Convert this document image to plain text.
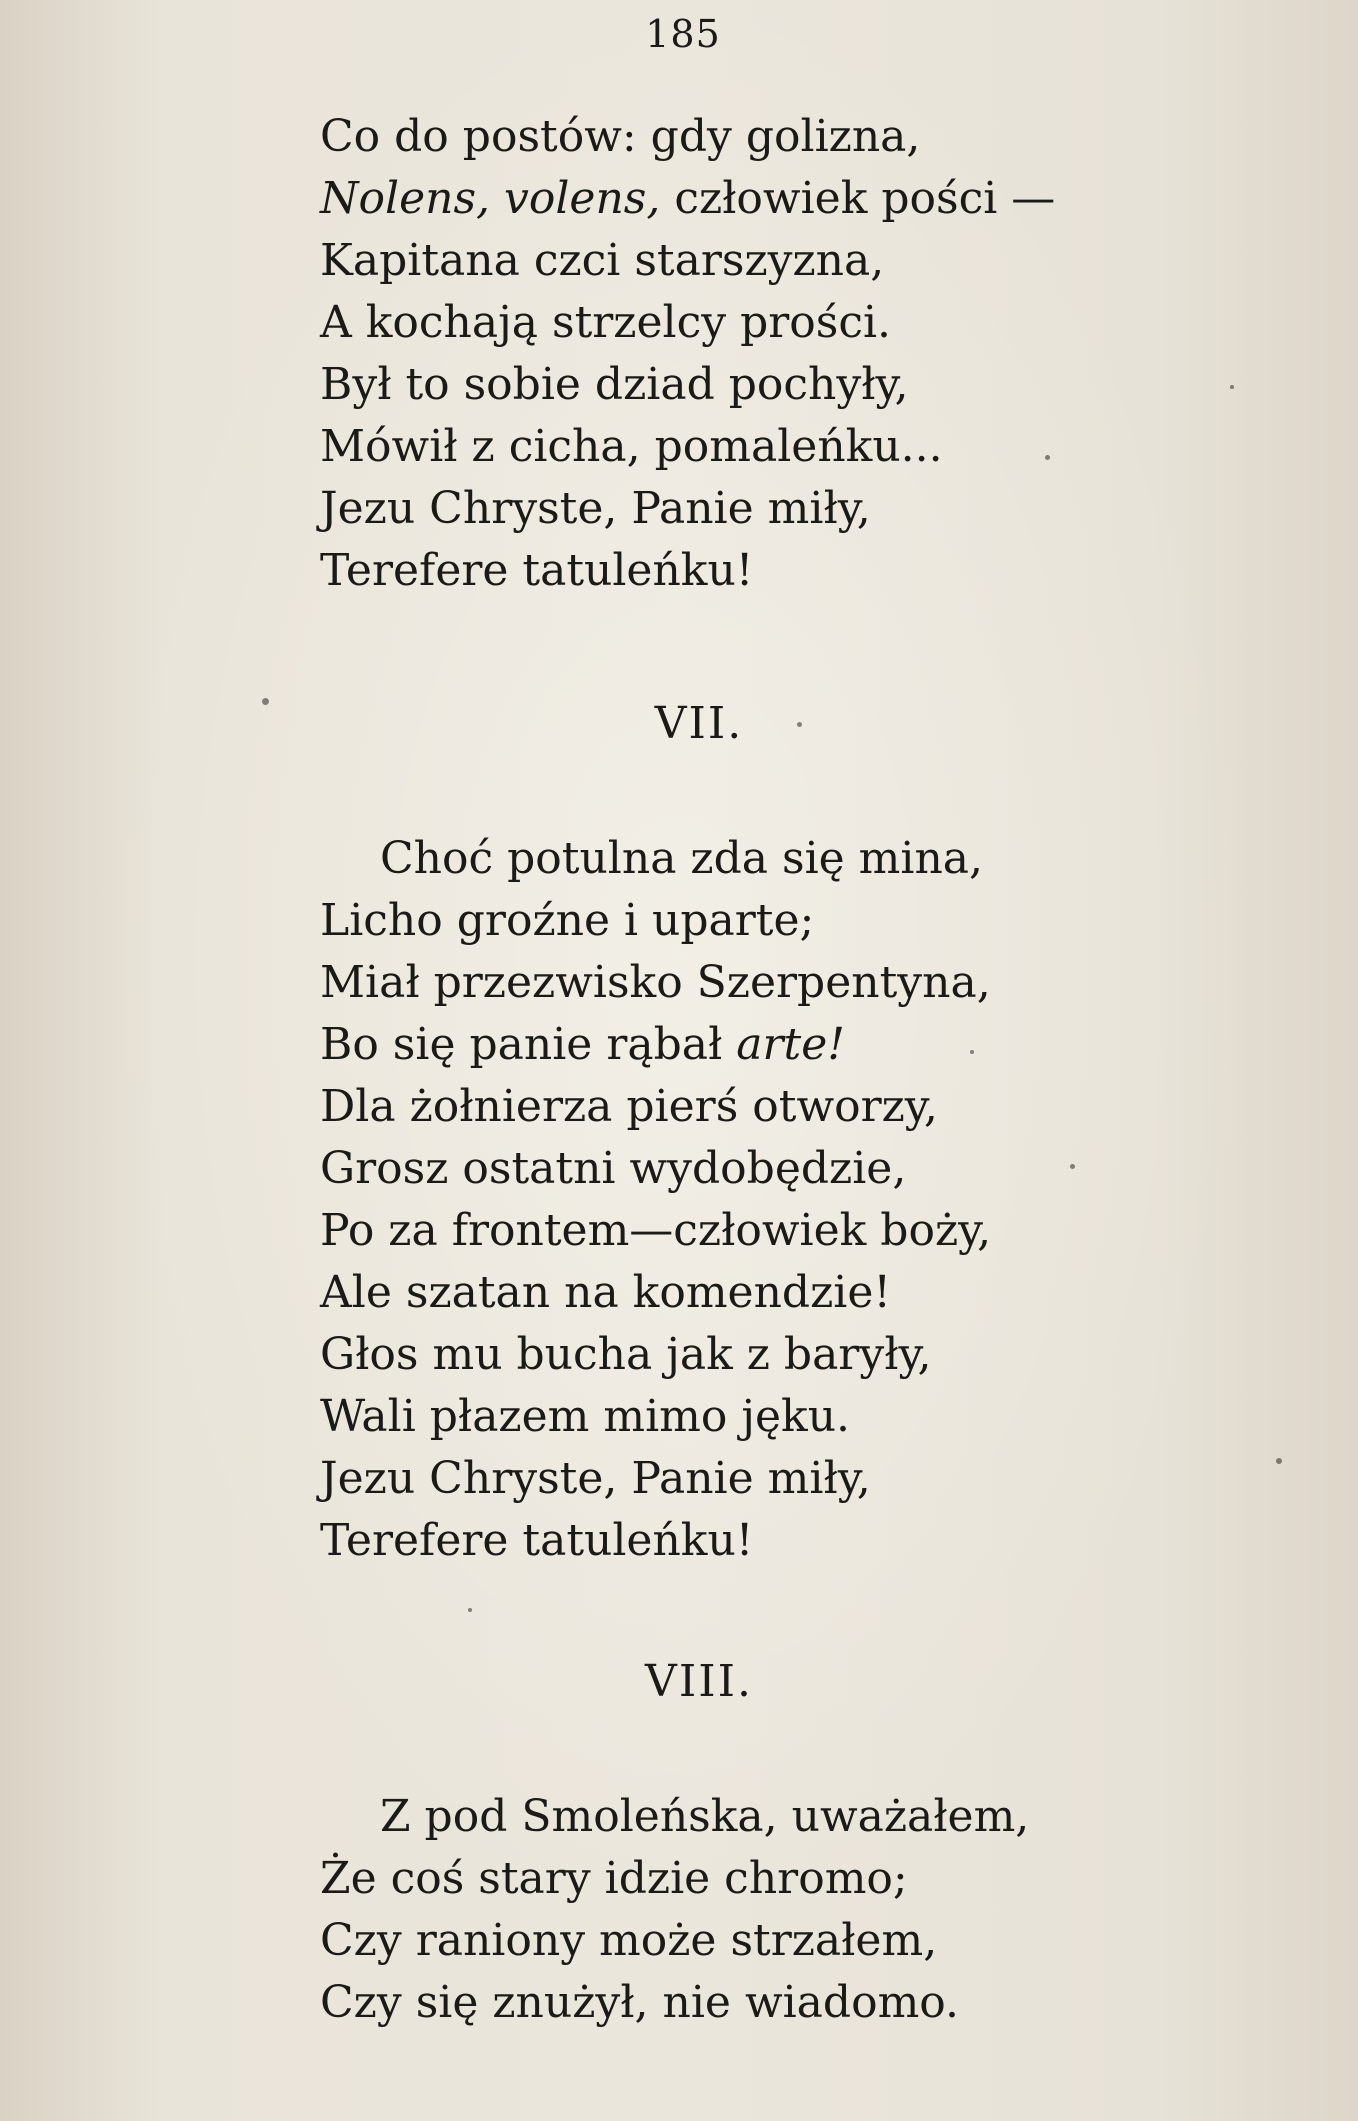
185
Co do postów: gdy golizna,
Nolens, volens, człowiek pości —
Kapitana czci starszyzna,
A kochają strzelcy prości.
Był to sobie dziad pochyły,
Mówił z cicha, pomaleńku...
Jezu Chryste, Panie miły,
Terefere tatuleńku!
VII.
Choć potulna zda się mina,
Licho groźne i uparte;
Miał przezwisko Szerpentyna,
Bo się panie rąbał arte!
Dla żołnierza pierś otworzy,
Grosz ostatni wydobędzie,
Po za frontem—człowiek boży,
Ale szatan na komendzie!
Głos mu bucha jak z baryły,
Wali płazem mimo jęku.
Jezu Chryste, Panie miły,
Terefere tatuleńku!
VIII.
Z pod Smoleńska, uważałem,
Że coś stary idzie chromo;
Czy raniony może strzałem,
Czy się znużył, nie wiadomo.
